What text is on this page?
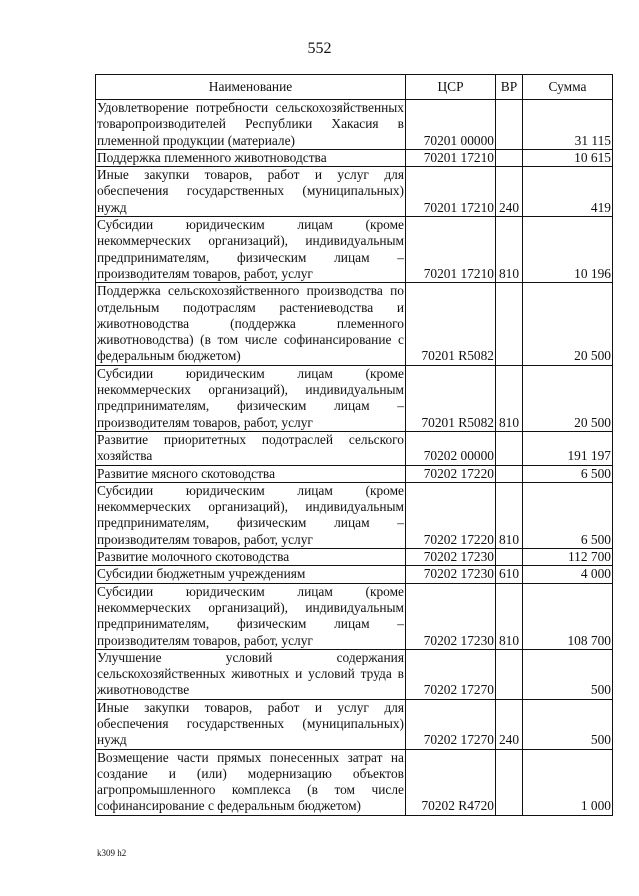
552
Наименование	ЦСР	ВР	Сумма
Удовлетворение потребности сельскохозяйственных товаропроизводителей Республики Хакасия в племенной продукции (материале)	70201 00000		31 115
Поддержка племенного животноводства	70201 17210		10 615
Иные закупки товаров, работ и услуг для обеспечения государственных (муниципальных) нужд	70201 17210	240	419
Субсидии юридическим лицам (кроме некоммерческих организаций), индивидуальным предпринимателям, физическим лицам – производителям товаров, работ, услуг	70201 17210	810	10 196
Поддержка сельскохозяйственного производства по отдельным подотраслям растениеводства и животноводства (поддержка племенного животноводства) (в том числе софинансирование с федеральным бюджетом)	70201 R5082		20 500
Субсидии юридическим лицам (кроме некоммерческих организаций), индивидуальным предпринимателям, физическим лицам – производителям товаров, работ, услуг	70201 R5082	810	20 500
Развитие приоритетных подотраслей сельского хозяйства	70202 00000		191 197
Развитие мясного скотоводства	70202 17220		6 500
Субсидии юридическим лицам (кроме некоммерческих организаций), индивидуальным предпринимателям, физическим лицам – производителям товаров, работ, услуг	70202 17220	810	6 500
Развитие молочного скотоводства	70202 17230		112 700
Субсидии бюджетным учреждениям	70202 17230	610	4 000
Субсидии юридическим лицам (кроме некоммерческих организаций), индивидуальным предпринимателям, физическим лицам – производителям товаров, работ, услуг	70202 17230	810	108 700
Улучшение условий содержания сельскохозяйственных животных и условий труда в животноводстве	70202 17270		500
Иные закупки товаров, работ и услуг для обеспечения государственных (муниципальных) нужд	70202 17270	240	500
Возмещение части прямых понесенных затрат на создание и (или) модернизацию объектов агропромышленного комплекса (в том числе софинансирование с федеральным бюджетом)	70202 R4720		1 000
k309 h2
